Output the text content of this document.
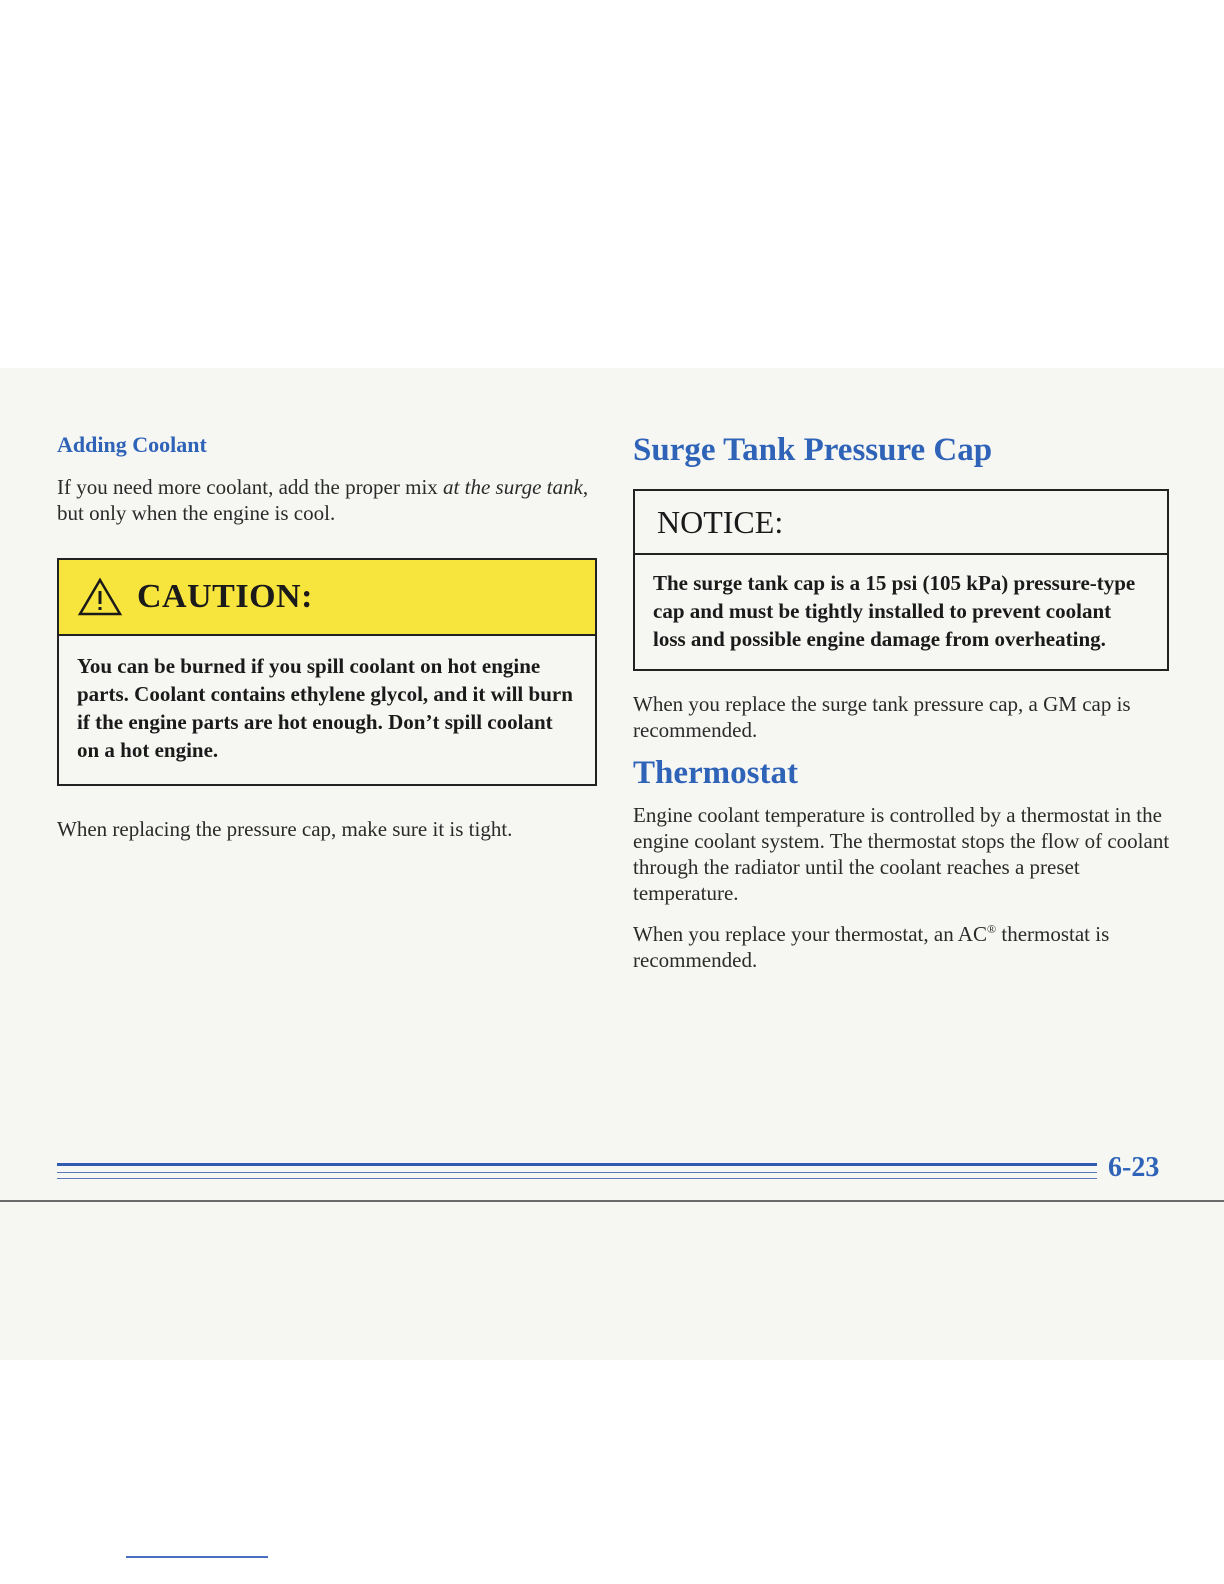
Adding Coolant

If you need more coolant, add the proper mix at the surge tank, but only when the engine is cool.

CAUTION:
You can be burned if you spill coolant on hot engine parts. Coolant contains ethylene glycol, and it will burn if the engine parts are hot enough. Don’t spill coolant on a hot engine.

When replacing the pressure cap, make sure it is tight.

Surge Tank Pressure Cap
NOTICE:
The surge tank cap is a 15 psi (105 kPa) pressure-type cap and must be tightly installed to prevent coolant loss and possible engine damage from overheating.

When you replace the surge tank pressure cap, a GM cap is recommended.

Thermostat

Engine coolant temperature is controlled by a thermostat in the engine coolant system. The thermostat stops the flow of coolant through the radiator until the coolant reaches a preset temperature.

When you replace your thermostat, an AC® thermostat is recommended.

6-23
